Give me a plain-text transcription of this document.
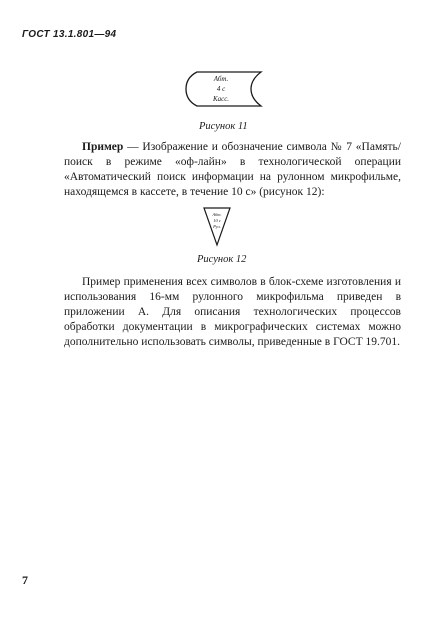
ГОСТ 13.1.801—94
Абт.
4 с
Касс.
Рисунок 11

Пример — Изображение и обозначение символа № 7 «Память/поиск в режиме «оф-лайн» в технологической операции «Автоматический поиск информации на рулонном микрофильме, находящемся в кассете, в течение 10 с» (рисунок 12):

Абт.
10 с
Рул.
Рисунок 12

Пример применения всех символов в блок-схеме изготовления и использования 16-мм рулонного микрофильма приведен в приложении А. Для описания технологических процессов обработки документации в микрографических системах можно дополнительно использовать символы, приведенные в ГОСТ 19.701.

7
